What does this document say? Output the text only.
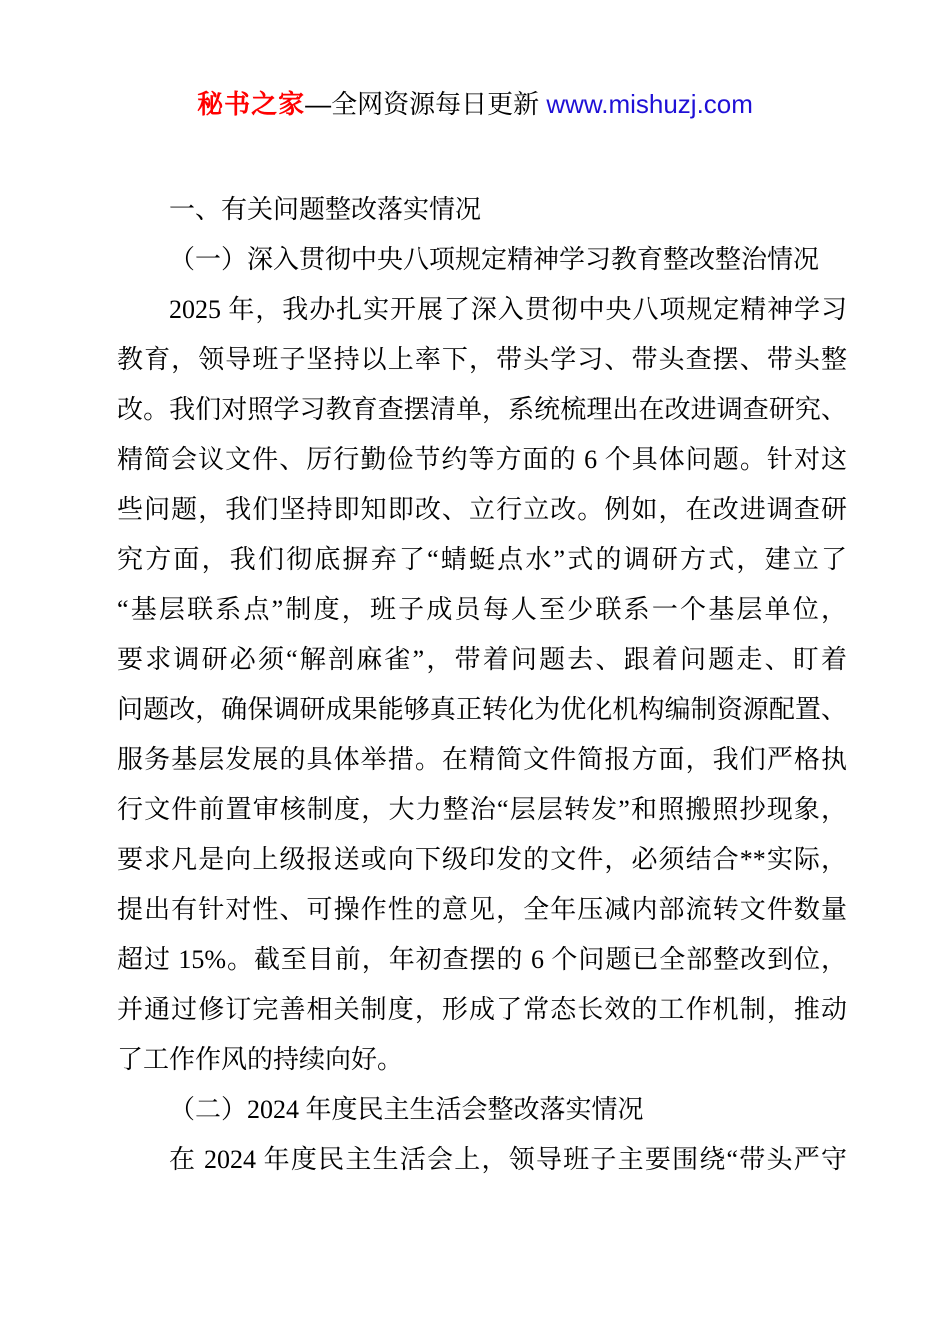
秘书之家—全网资源每日更新 www.mishuzj.com
一、有关问题整改落实情况
（一）深入贯彻中央八项规定精神学习教育整改整治情况
2025 年，我办扎实开展了深入贯彻中央八项规定精神学习
教育，领导班子坚持以上率下，带头学习、带头查摆、带头整
改。我们对照学习教育查摆清单，系统梳理出在改进调查研究、
精简会议文件、厉行勤俭节约等方面的 6 个具体问题。针对这
些问题，我们坚持即知即改、立行立改。例如，在改进调查研
究方面，我们彻底摒弃了“蜻蜓点水”式的调研方式，建立了
“基层联系点”制度，班子成员每人至少联系一个基层单位，
要求调研必须“解剖麻雀”，带着问题去、跟着问题走、盯着
问题改，确保调研成果能够真正转化为优化机构编制资源配置、
服务基层发展的具体举措。在精简文件简报方面，我们严格执
行文件前置审核制度，大力整治“层层转发”和照搬照抄现象，
要求凡是向上级报送或向下级印发的文件，必须结合**实际，
提出有针对性、可操作性的意见，全年压减内部流转文件数量
超过 15%。截至目前，年初查摆的 6 个问题已全部整改到位，
并通过修订完善相关制度，形成了常态长效的工作机制，推动
了工作作风的持续向好。
（二）2024 年度民主生活会整改落实情况
在 2024 年度民主生活会上，领导班子主要围绕“带头严守
